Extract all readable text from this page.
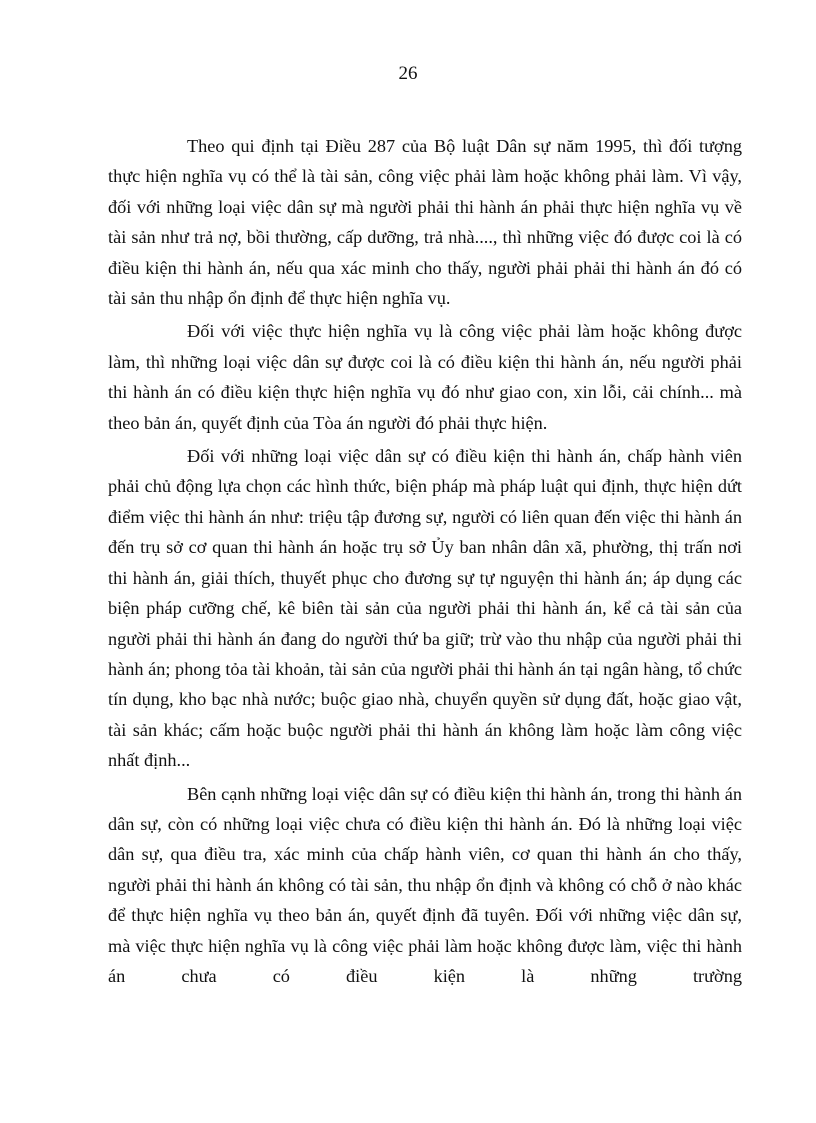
26

Theo qui định tại Điều 287 của Bộ luật Dân sự năm 1995, thì đối tượng thực hiện nghĩa vụ có thể là tài sản, công việc phải làm hoặc không phải làm. Vì vậy, đối với những loại việc dân sự mà người phải thi hành án phải thực hiện nghĩa vụ về tài sản như trả nợ, bồi thường, cấp dưỡng, trả nhà...., thì những việc đó được coi là có điều kiện thi hành án, nếu qua xác minh cho thấy, người phải phải thi hành án đó có tài sản thu nhập ổn định để thực hiện nghĩa vụ.

Đối với việc thực hiện nghĩa vụ là công việc phải làm hoặc không được làm, thì những loại việc dân sự được coi là có điều kiện thi hành án, nếu người phải thi hành án có điều kiện thực hiện nghĩa vụ đó như giao con, xin lỗi, cải chính... mà theo bản án, quyết định của Tòa án người đó phải thực hiện.

Đối với những loại việc dân sự có điều kiện thi hành án, chấp hành viên phải chủ động lựa chọn các hình thức, biện pháp mà pháp luật qui định, thực hiện dứt điểm việc thi hành án như: triệu tập đương sự, người có liên quan đến việc thi hành án đến trụ sở cơ quan thi hành án hoặc trụ sở Ủy ban nhân dân xã, phường, thị trấn nơi thi hành án, giải thích, thuyết phục cho đương sự tự nguyện thi hành án; áp dụng các biện pháp cưỡng chế, kê biên tài sản của người phải thi hành án, kể cả tài sản của người phải thi hành án đang do người thứ ba giữ; trừ vào thu nhập của người phải thi hành án; phong tỏa tài khoản, tài sản của người phải thi hành án tại ngân hàng, tổ chức tín dụng, kho bạc nhà nước; buộc giao nhà, chuyển quyền sử dụng đất, hoặc giao vật, tài sản khác; cấm hoặc buộc người phải thi hành án không làm hoặc làm công việc nhất định...

Bên cạnh những loại việc dân sự có điều kiện thi hành án, trong thi hành án dân sự, còn có những loại việc chưa có điều kiện thi hành án. Đó là những loại việc dân sự, qua điều tra, xác minh của chấp hành viên, cơ quan thi hành án cho thấy, người phải thi hành án không có tài sản, thu nhập ổn định và không có chỗ ở nào khác để thực hiện nghĩa vụ theo bản án, quyết định đã tuyên. Đối với những việc dân sự, mà việc thực hiện nghĩa vụ là công việc phải làm hoặc không được làm, việc thi hành án chưa có điều kiện là những trường
